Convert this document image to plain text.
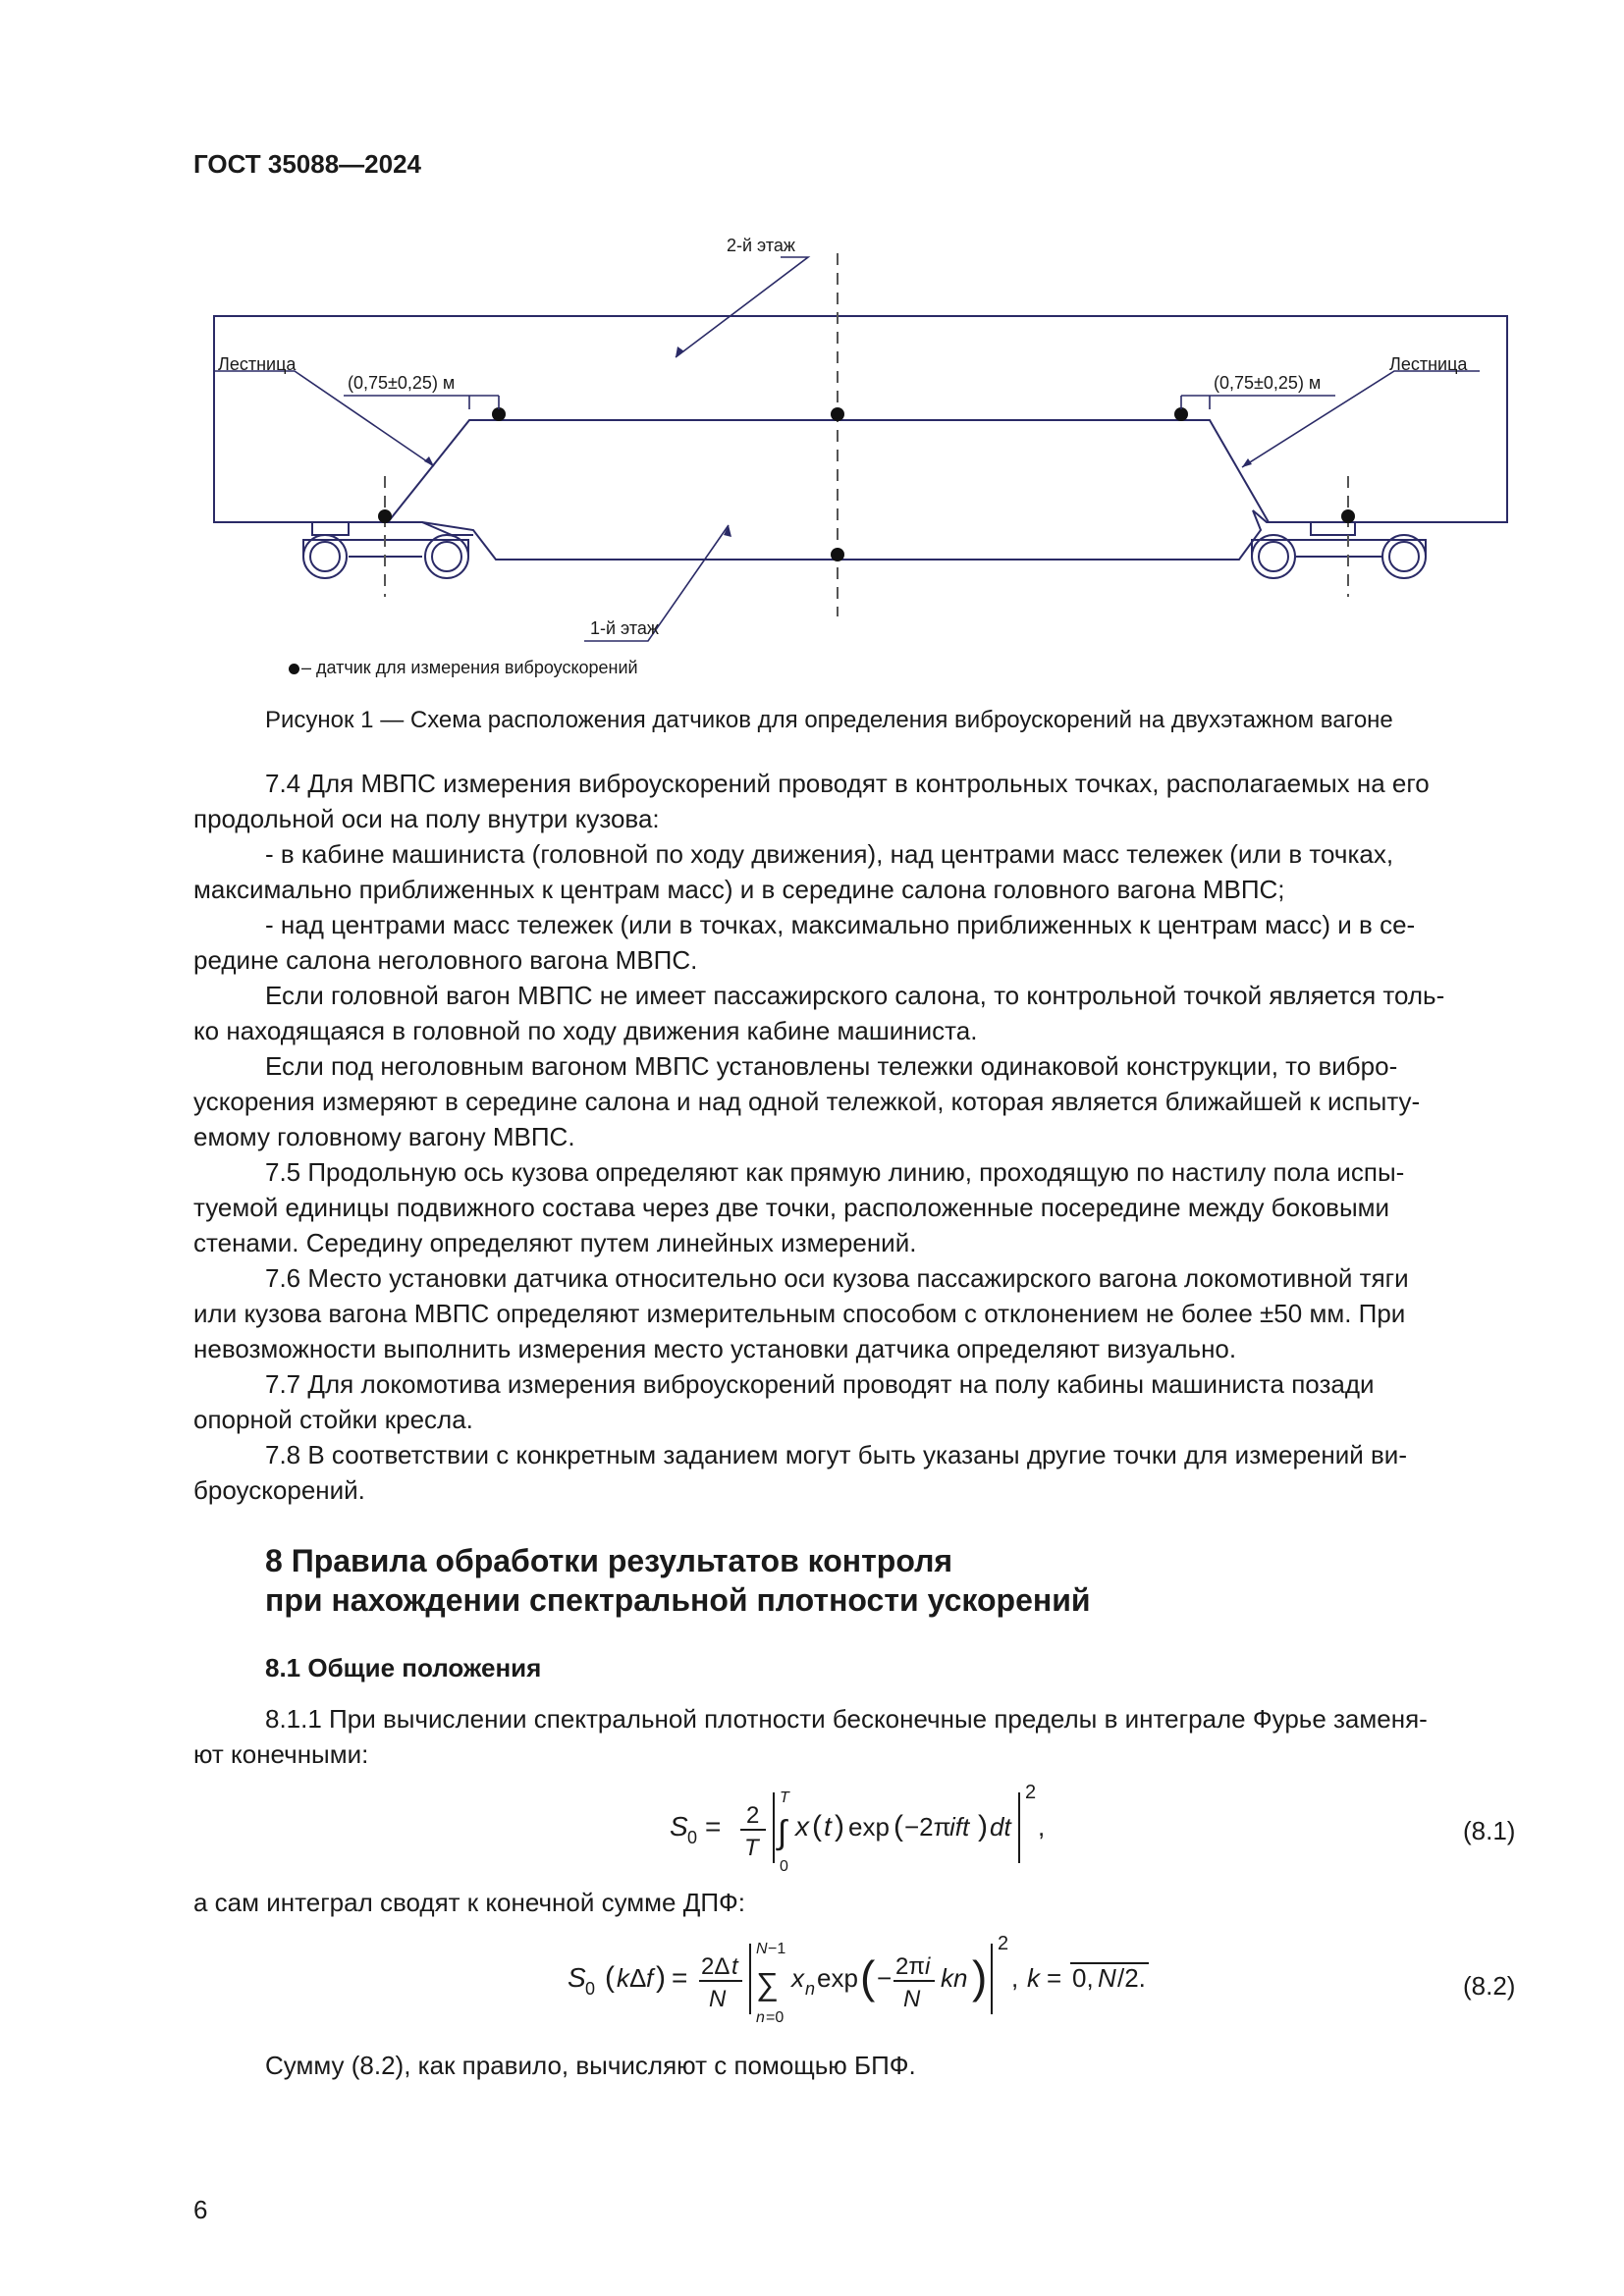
ГОСТ 35088—2024
2-й этаж
1-й этаж
Лестница	Лестница
(0,75±0,25) м	(0,75±0,25) м
– датчик для измерения виброускорений
Рисунок 1 — Схема расположения датчиков для определения виброускорений на двухэтажном вагоне
7.4 Для МВПС измерения виброускорений проводят в контрольных точках, располагаемых на его
продольной оси на полу внутри кузова:
- в кабине машиниста (головной по ходу движения), над центрами масс тележек (или в точках,
максимально приближенных к центрам масс) и в середине салона головного вагона МВПС;
- над центрами масс тележек (или в точках, максимально приближенных к центрам масс) и в се-
редине салона неголовного вагона МВПС.
Если головной вагон МВПС не имеет пассажирского салона, то контрольной точкой является толь-
ко находящаяся в головной по ходу движения кабине машиниста.
Если под неголовным вагоном МВПС установлены тележки одинаковой конструкции, то вибро-
ускорения измеряют в середине салона и над одной тележкой, которая является ближайшей к испыту-
емому головному вагону МВПС.
7.5 Продольную ось кузова определяют как прямую линию, проходящую по настилу пола испы-
туемой единицы подвижного состава через две точки, расположенные посередине между боковыми
стенами. Середину определяют путем линейных измерений.
7.6 Место установки датчика относительно оси кузова пассажирского вагона локомотивной тяги
или кузова вагона МВПС определяют измерительным способом с отклонением не более ±50 мм. При
невозможности выполнить измерения место установки датчика определяют визуально.
7.7 Для локомотива измерения виброускорений проводят на полу кабины машиниста позади
опорной стойки кресла.
7.8 В соответствии с конкретным заданием могут быть указаны другие точки для измерений ви-
броускорений.
8 Правила обработки результатов контроля
при нахождении спектральной плотности ускорений
8.1 Общие положения
8.1.1 При вычислении спектральной плотности бесконечные пределы в интеграле Фурье заменя-
ют конечными:
S 0 = 2
T
T
∫
0
x ( t ) exp ( −2π
ift ) dt
2
,	(8.1)
а сам интеграл сводят к конечной сумме ДПФ:
S 0 ( k Δ f ) = 2Δ t
N
N −1
∑
n =0
x n exp ( − 2π i
N
kn )
2
, k = 0, N /2.	(8.2)
Сумму (8.2), как правило, вычисляют с помощью БПФ.
6
